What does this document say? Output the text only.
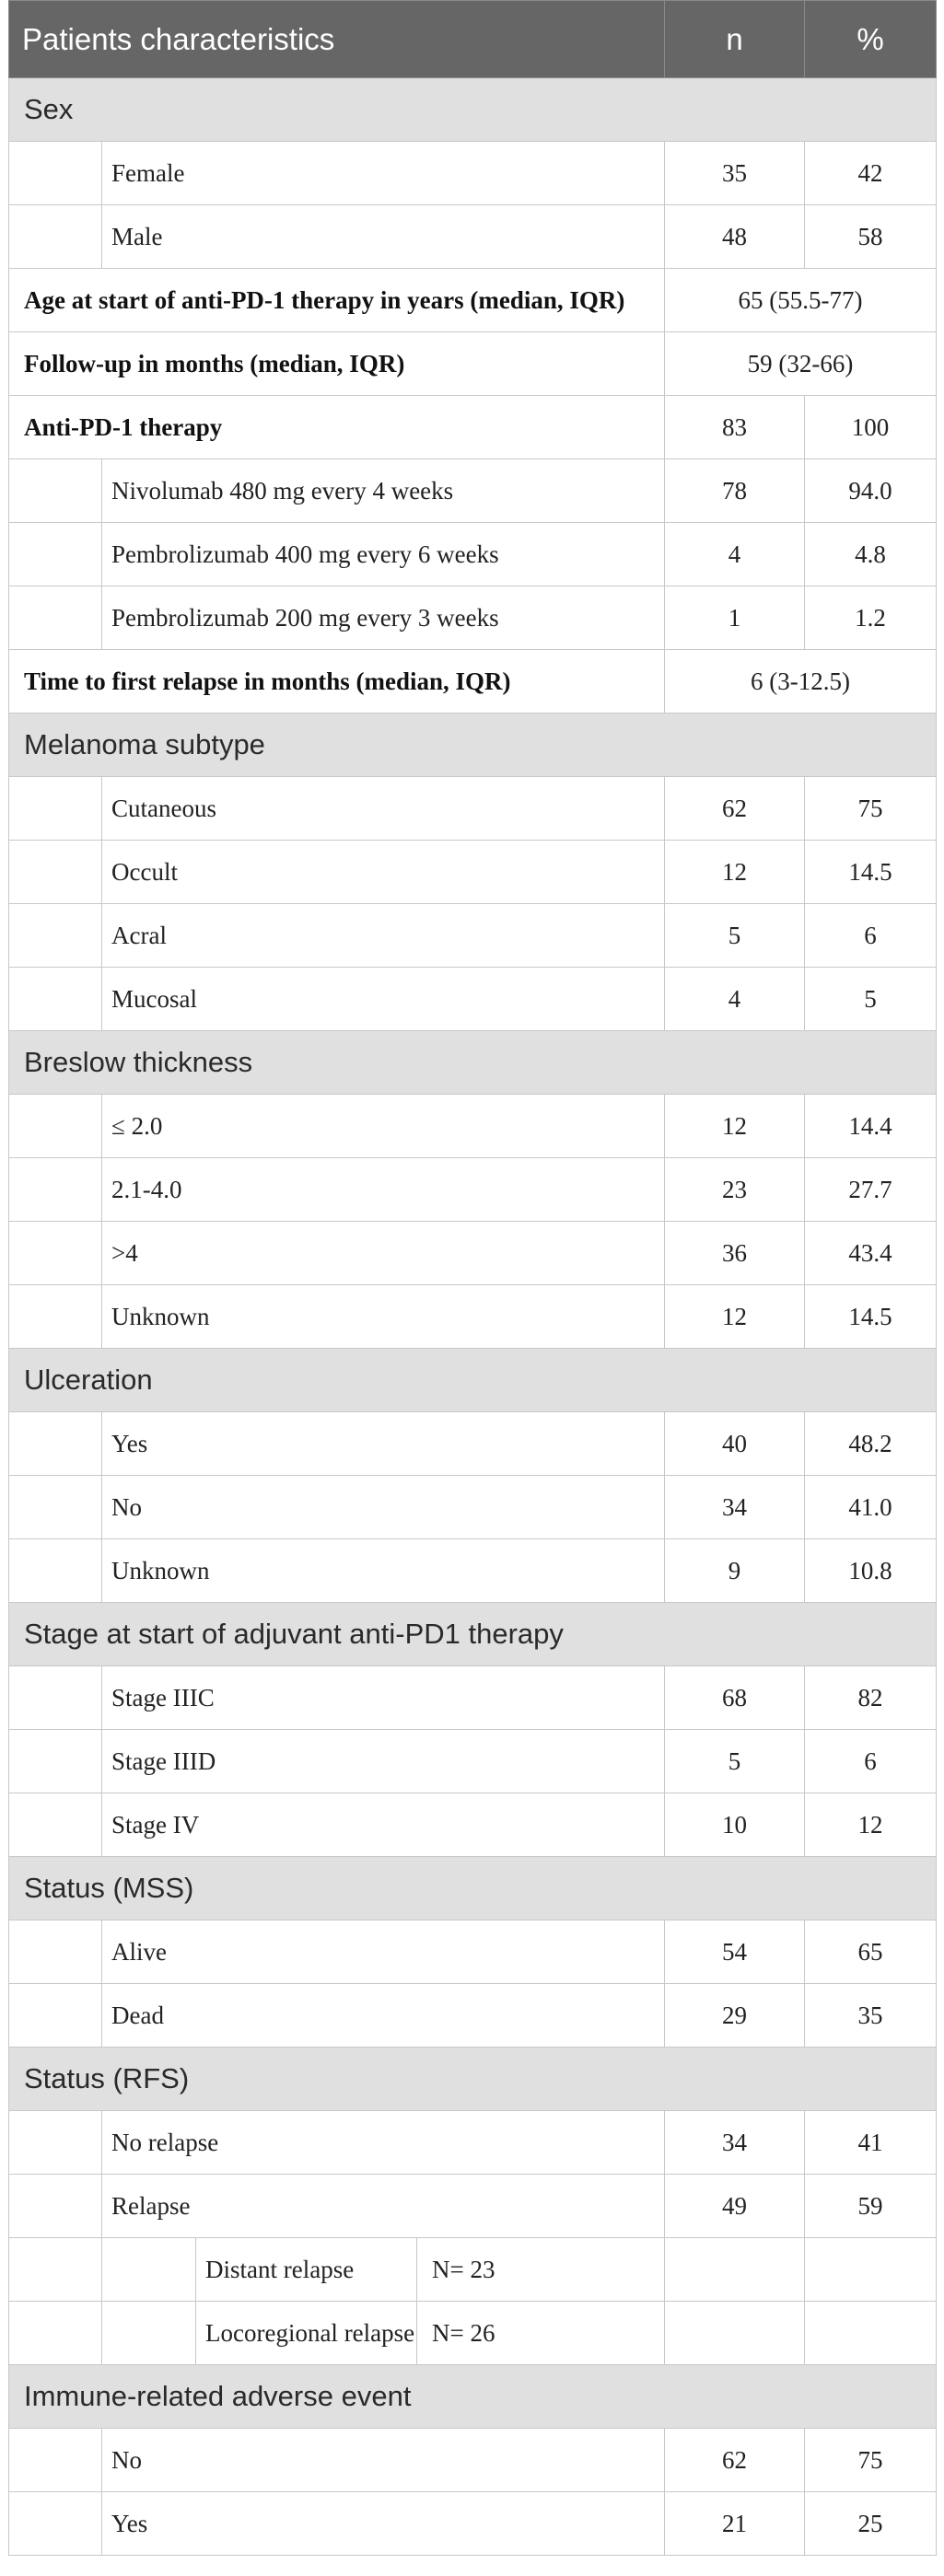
Patients characteristics				n	%
Sex					
	Female			35	42
	Male			48	58
Age at start of anti-PD-1 therapy in years (median, IQR)				65 (55.5-77)	
Follow-up in months (median, IQR)				59 (32-66)	
Anti-PD-1 therapy				83	100
	Nivolumab 480 mg every 4 weeks			78	94.0
	Pembrolizumab 400 mg every 6 weeks			4	4.8
	Pembrolizumab 200 mg every 3 weeks			1	1.2
Time to first relapse in months (median, IQR)				6 (3-12.5)	
Melanoma subtype					
	Cutaneous			62	75
	Occult			12	14.5
	Acral			5	6
	Mucosal			4	5
Breslow thickness					
	≤ 2.0			12	14.4
	2.1-4.0			23	27.7
	>4			36	43.4
	Unknown			12	14.5
Ulceration					
	Yes			40	48.2
	No			34	41.0
	Unknown			9	10.8
Stage at start of adjuvant anti-PD1 therapy					
	Stage IIIC			68	82
	Stage IIID			5	6
	Stage IV			10	12
Status (MSS)					
	Alive			54	65
	Dead			29	35
Status (RFS)					
	No relapse			34	41
	Relapse			49	59
		Distant relapse	N= 23		
		Locoregional relapse	N= 26		
Immune-related adverse event					
	No			62	75
	Yes			21	25
